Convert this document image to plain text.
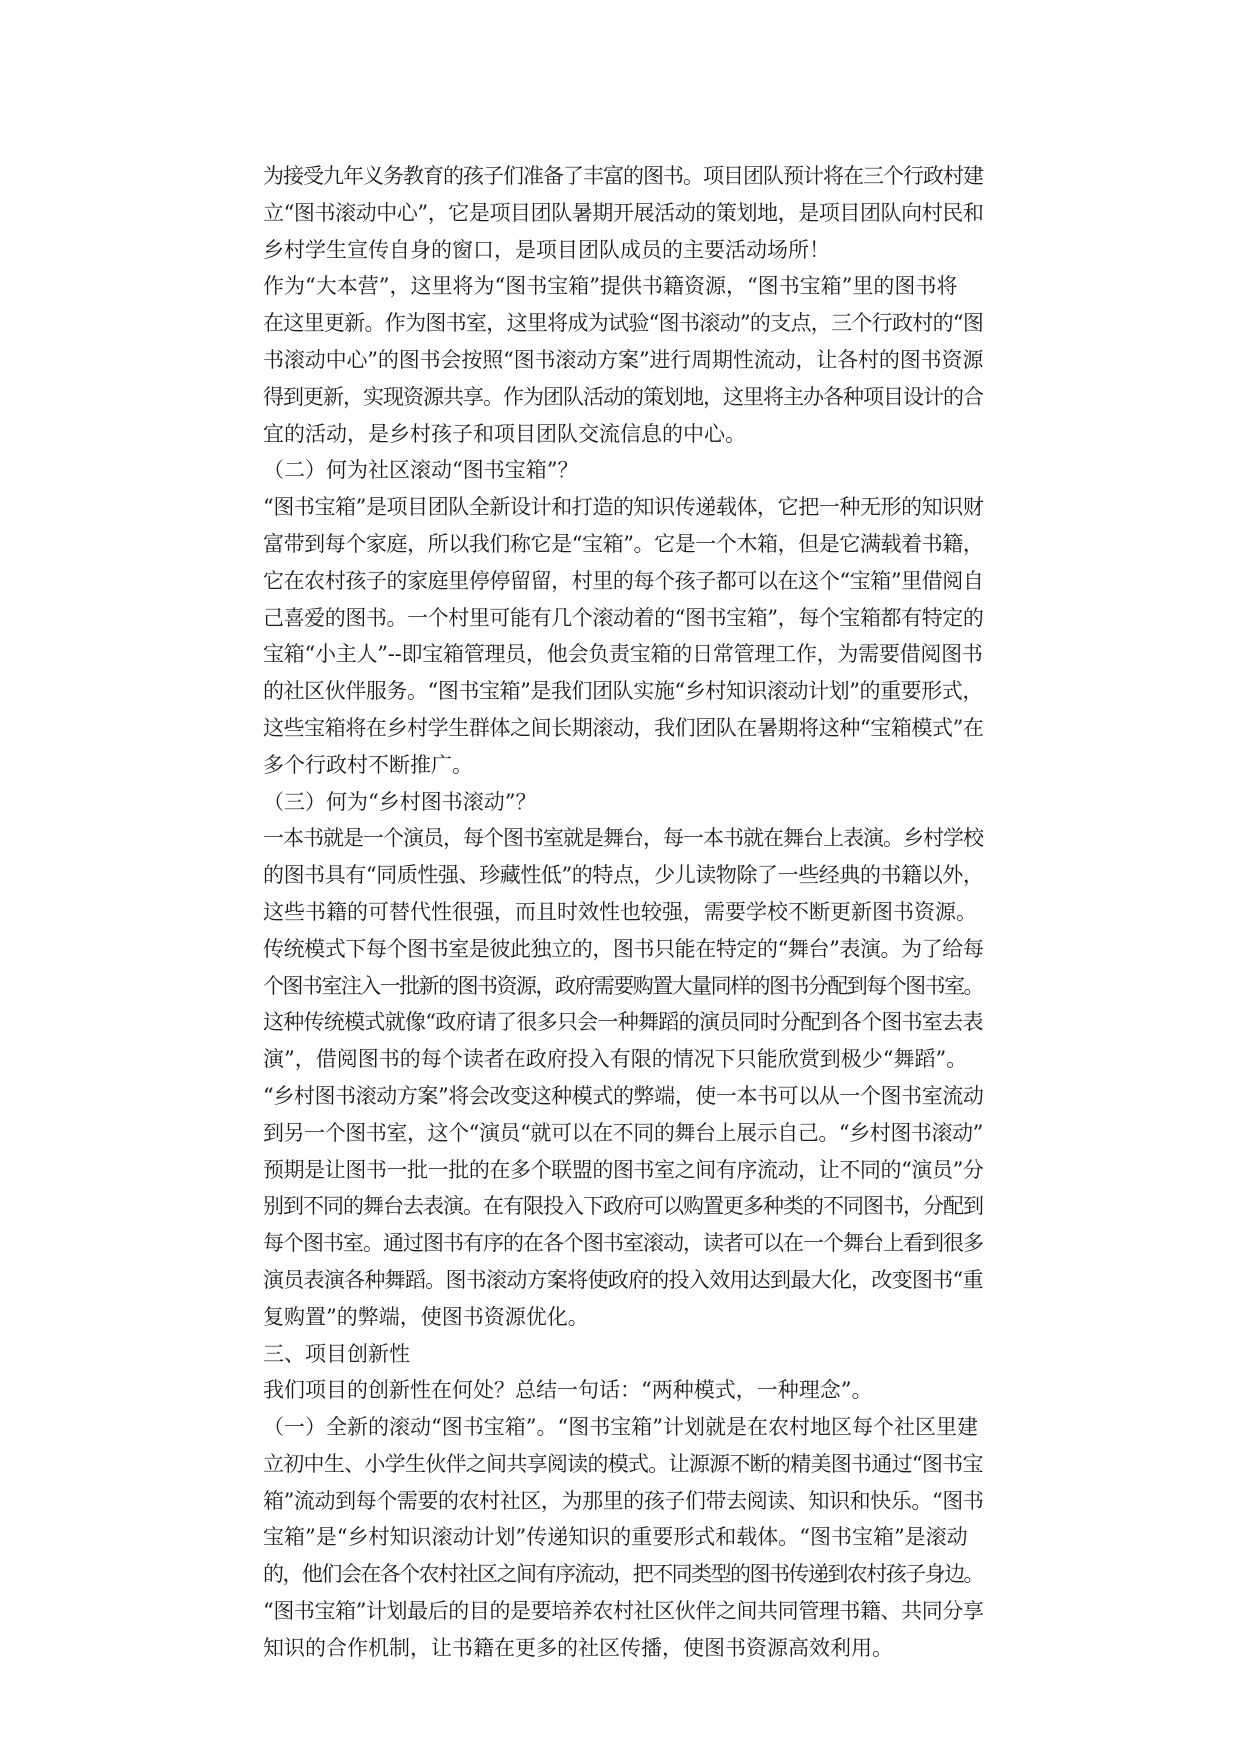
为接受九年义务教育的孩子们准备了丰富的图书。项目团队预计将在三个行政村建
立“图书滚动中心”，它是项目团队暑期开展活动的策划地，是项目团队向村民和
乡村学生宣传自身的窗口，是项目团队成员的主要活动场所！
作为“大本营”，这里将为“图书宝箱”提供书籍资源，“图书宝箱”里的图书将
在这里更新。作为图书室，这里将成为试验“图书滚动”的支点，三个行政村的“图
书滚动中心”的图书会按照“图书滚动方案”进行周期性流动，让各村的图书资源
得到更新，实现资源共享。作为团队活动的策划地，这里将主办各种项目设计的合
宜的活动，是乡村孩子和项目团队交流信息的中心。
（二）何为社区滚动“图书宝箱”？
“图书宝箱”是项目团队全新设计和打造的知识传递载体，它把一种无形的知识财
富带到每个家庭，所以我们称它是“宝箱”。它是一个木箱，但是它满载着书籍，
它在农村孩子的家庭里停停留留，村里的每个孩子都可以在这个“宝箱”里借阅自
己喜爱的图书。一个村里可能有几个滚动着的“图书宝箱”，每个宝箱都有特定的
宝箱“小主人”--即宝箱管理员，他会负责宝箱的日常管理工作，为需要借阅图书
的社区伙伴服务。“图书宝箱”是我们团队实施“乡村知识滚动计划”的重要形式，
这些宝箱将在乡村学生群体之间长期滚动，我们团队在暑期将这种“宝箱模式”在
多个行政村不断推广。
（三）何为“乡村图书滚动”？
一本书就是一个演员，每个图书室就是舞台，每一本书就在舞台上表演。乡村学校
的图书具有“同质性强、珍藏性低”的特点，少儿读物除了一些经典的书籍以外，
这些书籍的可替代性很强，而且时效性也较强，需要学校不断更新图书资源。
传统模式下每个图书室是彼此独立的，图书只能在特定的“舞台”表演。为了给每
个图书室注入一批新的图书资源，政府需要购置大量同样的图书分配到每个图书室。
这种传统模式就像“政府请了很多只会一种舞蹈的演员同时分配到各个图书室去表
演”，借阅图书的每个读者在政府投入有限的情况下只能欣赏到极少“舞蹈”。
“乡村图书滚动方案”将会改变这种模式的弊端，使一本书可以从一个图书室流动
到另一个图书室，这个“演员“就可以在不同的舞台上展示自己。“乡村图书滚动”
预期是让图书一批一批的在多个联盟的图书室之间有序流动，让不同的“演员”分
别到不同的舞台去表演。在有限投入下政府可以购置更多种类的不同图书，分配到
每个图书室。通过图书有序的在各个图书室滚动，读者可以在一个舞台上看到很多
演员表演各种舞蹈。图书滚动方案将使政府的投入效用达到最大化，改变图书“重
复购置”的弊端，使图书资源优化。
三、项目创新性
我们项目的创新性在何处？总结一句话：“两种模式，一种理念”。
（一）全新的滚动“图书宝箱”。“图书宝箱”计划就是在农村地区每个社区里建
立初中生、小学生伙伴之间共享阅读的模式。让源源不断的精美图书通过“图书宝
箱”流动到每个需要的农村社区，为那里的孩子们带去阅读、知识和快乐。“图书
宝箱”是“乡村知识滚动计划”传递知识的重要形式和载体。“图书宝箱”是滚动
的，他们会在各个农村社区之间有序流动，把不同类型的图书传递到农村孩子身边。
“图书宝箱”计划最后的目的是要培养农村社区伙伴之间共同管理书籍、共同分享
知识的合作机制，让书籍在更多的社区传播，使图书资源高效利用。
